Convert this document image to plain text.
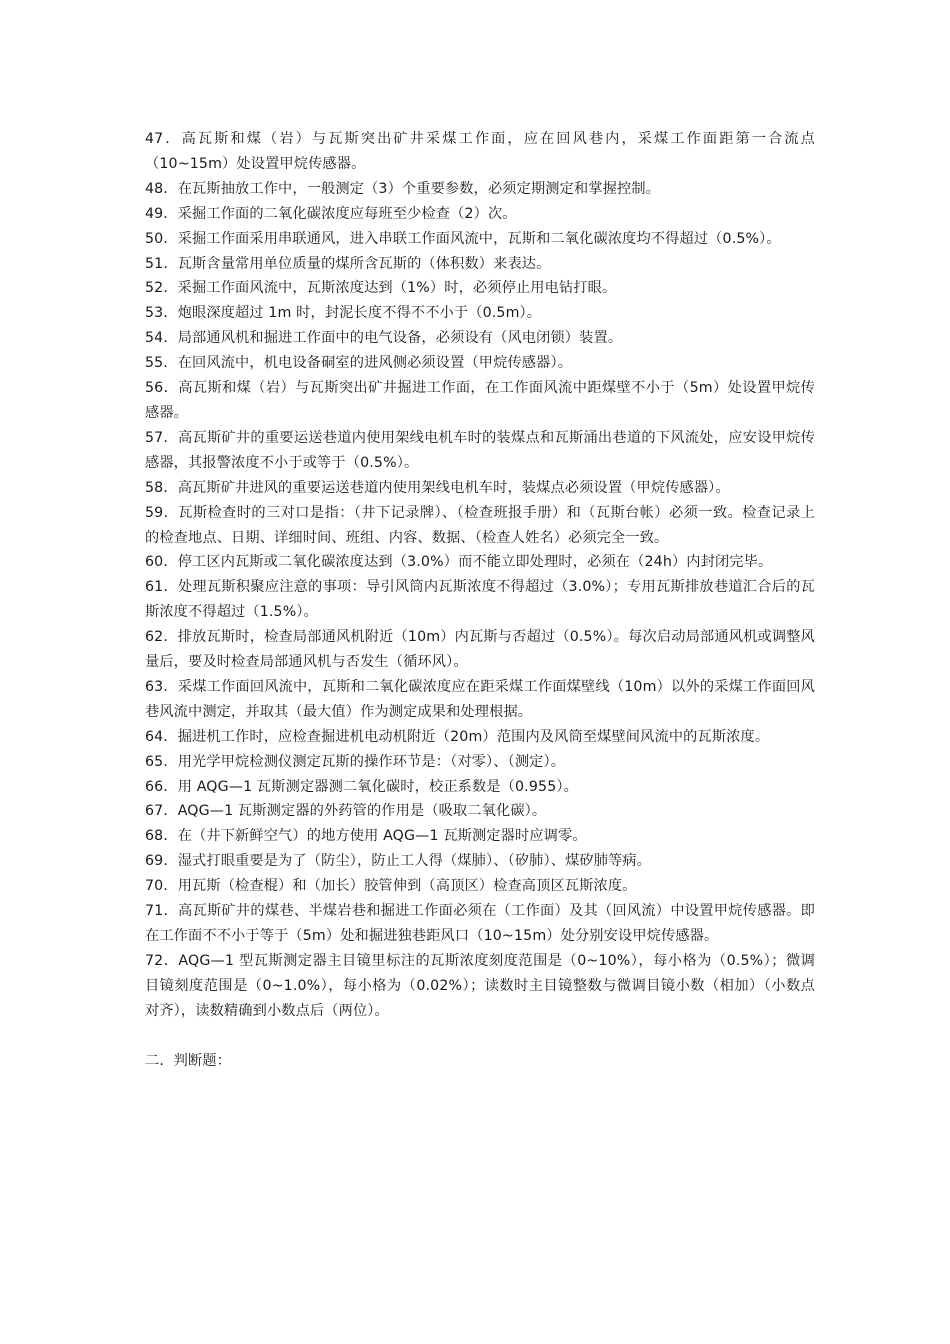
47．高瓦斯和煤（岩）与瓦斯突出矿井采煤工作面，应在回风巷内，采煤工作面距第一合流点（10~15m）处设置甲烷传感器。

48．在瓦斯抽放工作中，一般测定（3）个重要参数，必须定期测定和掌握控制。

49．采掘工作面的二氧化碳浓度应每班至少检查（2）次。

50．采掘工作面采用串联通风，进入串联工作面风流中，瓦斯和二氧化碳浓度均不得超过（0.5%）。

51．瓦斯含量常用单位质量的煤所含瓦斯的（体积数）来表达。

52．采掘工作面风流中，瓦斯浓度达到（1%）时，必须停止用电钻打眼。

53．炮眼深度超过 1m 时，封泥长度不得不不小于（0.5m）。

54．局部通风机和掘进工作面中的电气设备，必须设有（风电闭锁）装置。

55．在回风流中，机电设备硐室的进风侧必须设置（甲烷传感器）。

56．高瓦斯和煤（岩）与瓦斯突出矿井掘进工作面，在工作面风流中距煤壁不小于（5m）处设置甲烷传感器。

57．高瓦斯矿井的重要运送巷道内使用架线电机车时的装煤点和瓦斯涌出巷道的下风流处，应安设甲烷传感器，其报警浓度不小于或等于（0.5%）。

58．高瓦斯矿井进风的重要运送巷道内使用架线电机车时，装煤点必须设置（甲烷传感器）。

59．瓦斯检查时的三对口是指：（井下记录牌）、（检查班报手册）和（瓦斯台帐）必须一致。检查记录上的检查地点、日期、详细时间、班组、内容、数据、（检查人姓名）必须完全一致。

60．停工区内瓦斯或二氧化碳浓度达到（3.0%）而不能立即处理时，必须在（24h）内封闭完毕。

61．处理瓦斯积聚应注意的事项：导引风筒内瓦斯浓度不得超过（3.0%）；专用瓦斯排放巷道汇合后的瓦斯浓度不得超过（1.5%）。

62．排放瓦斯时，检查局部通风机附近（10m）内瓦斯与否超过（0.5%）。每次启动局部通风机或调整风量后，要及时检查局部通风机与否发生（循环风）。

63．采煤工作面回风流中，瓦斯和二氧化碳浓度应在距采煤工作面煤壁线（10m）以外的采煤工作面回风巷风流中测定，并取其（最大值）作为测定成果和处理根据。

64．掘进机工作时，应检查掘进机电动机附近（20m）范围内及风筒至煤壁间风流中的瓦斯浓度。

65．用光学甲烷检测仪测定瓦斯的操作环节是：（对零）、（测定）。

66．用 AQG—1 瓦斯测定器测二氧化碳时，校正系数是（0.955）。

67．AQG—1 瓦斯测定器的外药管的作用是（吸取二氧化碳）。

68．在（井下新鲜空气）的地方使用 AQG—1 瓦斯测定器时应调零。

69．湿式打眼重要是为了（防尘），防止工人得（煤肺）、（矽肺）、煤矽肺等病。

70．用瓦斯（检查棍）和（加长）胶管伸到（高顶区）检查高顶区瓦斯浓度。

71．高瓦斯矿井的煤巷、半煤岩巷和掘进工作面必须在（工作面）及其（回风流）中设置甲烷传感器。即在工作面不不小于等于（5m）处和掘进独巷距风口（10~15m）处分别安设甲烷传感器。

72．AQG—1 型瓦斯测定器主目镜里标注的瓦斯浓度刻度范围是（0~10%），每小格为（0.5%）；微调目镜刻度范围是（0~1.0%），每小格为（0.02%）；读数时主目镜整数与微调目镜小数（相加）（小数点对齐），读数精确到小数点后（两位）。

二．判断题：
